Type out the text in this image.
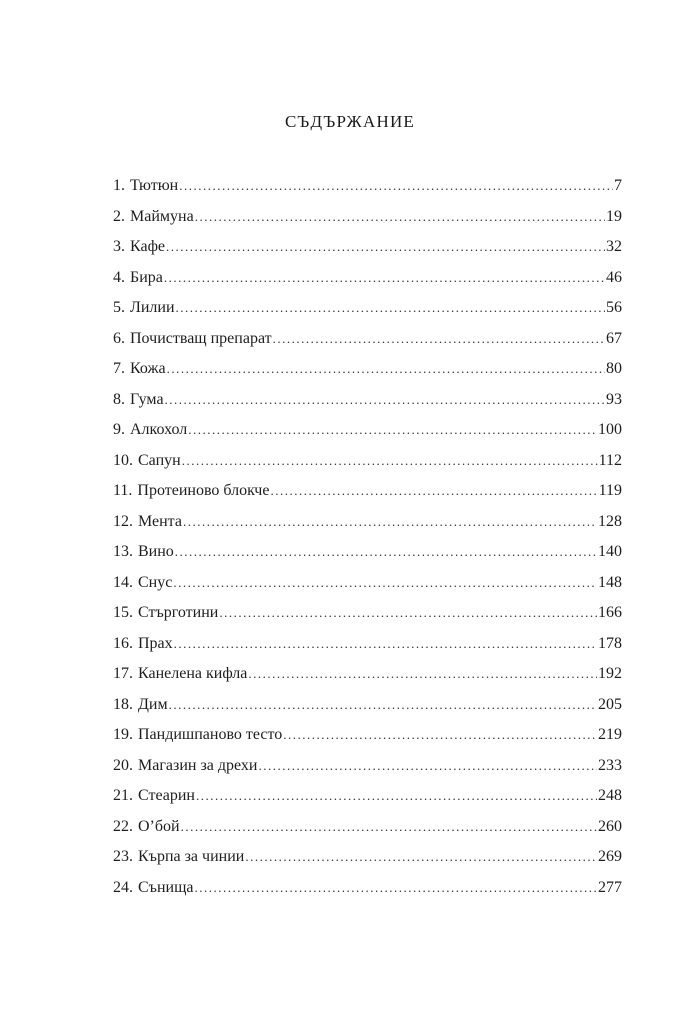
СЪДЪРЖАНИЕ
1. Тютюн .....	7
2. Маймуна .....	19
3. Кафе .....	32
4. Бира .....	46
5. Лилии .....	56
6. Почистващ препарат .....	67
7. Кожа .....	80
8. Гума .....	93
9. Алкохол .....	100
10. Сапун .....	112
11. Протеиново блокче .....	119
12. Мента .....	128
13. Вино .....	140
14. Снус .....	148
15. Стърготини .....	166
16. Прах .....	178
17. Канелена кифла .....	192
18. Дим .....	205
19. Пандишпаново тесто .....	219
20. Магазин за дрехи .....	233
21. Стеарин .....	248
22. О’бой .....	260
23. Кърпа за чинии .....	269
24. Сънища .....	277
